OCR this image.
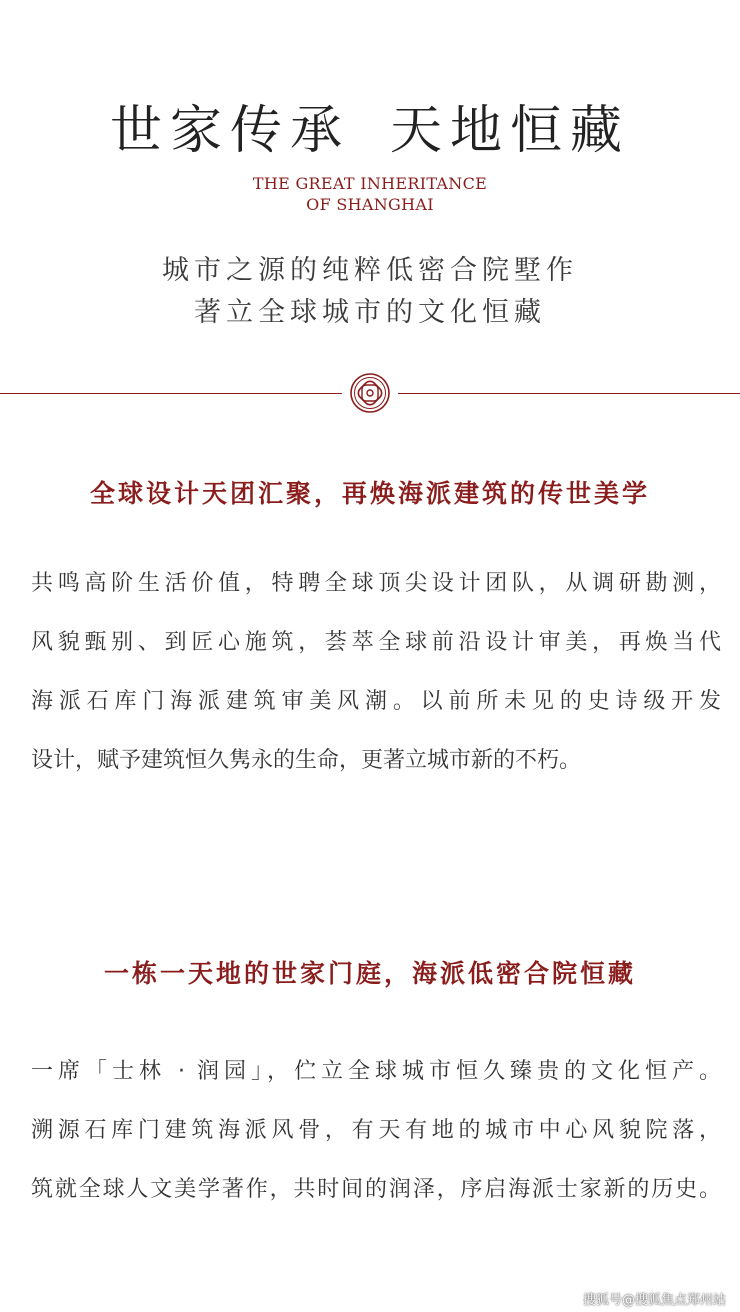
世家传承 天地恒藏
THE GREAT INHERITANCE
OF SHANGHAI
城市之源的纯粹低密合院墅作
著立全球城市的文化恒藏
全球设计天团汇聚，再焕海派建筑的传世美学
共鸣高阶生活价值，特聘全球顶尖设计团队，从调研勘测，
风貌甄别、到匠心施筑，荟萃全球前沿设计审美，再焕当代
海派石库门海派建筑审美风潮。以前所未见的史诗级开发
设计，赋予建筑恒久隽永的生命，更著立城市新的不朽。
一栋一天地的世家门庭，海派低密合院恒藏
一席「士林 · 润园」，伫立全球城市恒久臻贵的文化恒产。
溯源石库门建筑海派风骨，有天有地的城市中心风貌院落，
筑就全球人文美学著作，共时间的润泽，序启海派士家新的历史。
搜狐号@搜狐焦点郑州站
